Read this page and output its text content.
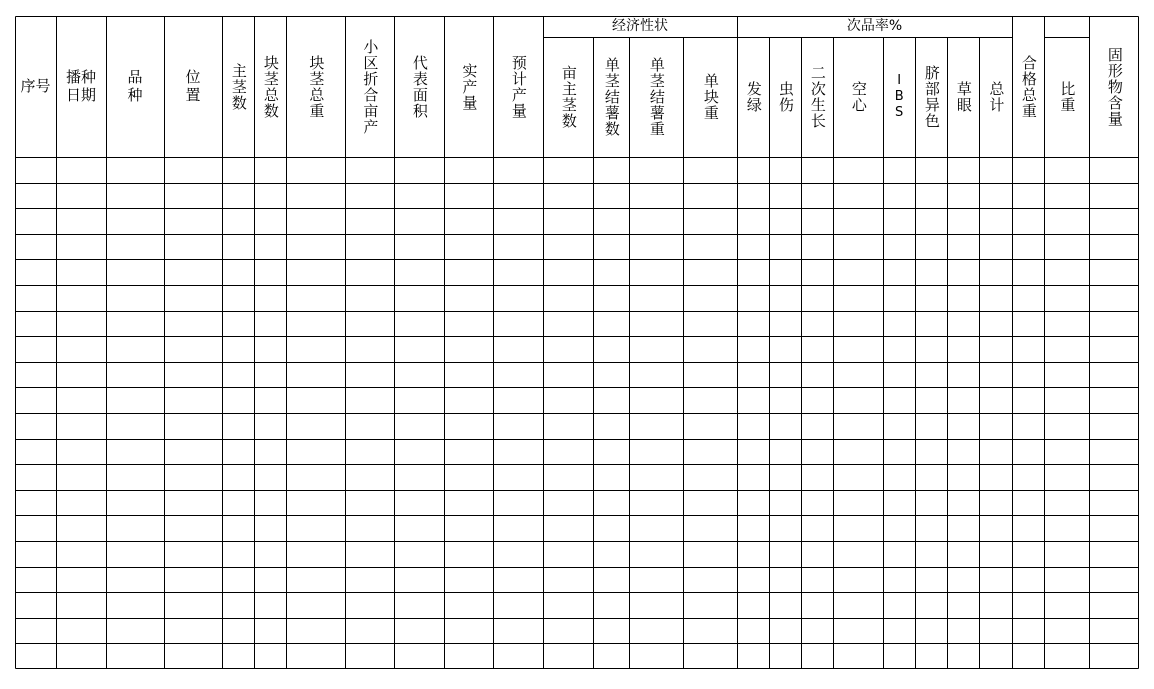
序号 播种日期
品种
位置 主茎数 块茎总数 块茎总重 小区折合亩产 代表面积 实产量 预计产量
经济性状
亩主茎数 单茎结薯数 单茎结薯重 单块重
次品率%
发绿 虫伤 二次生长 空心 IBS 脐部异色 草眼 总计 合格总重 比重 固形物含量
